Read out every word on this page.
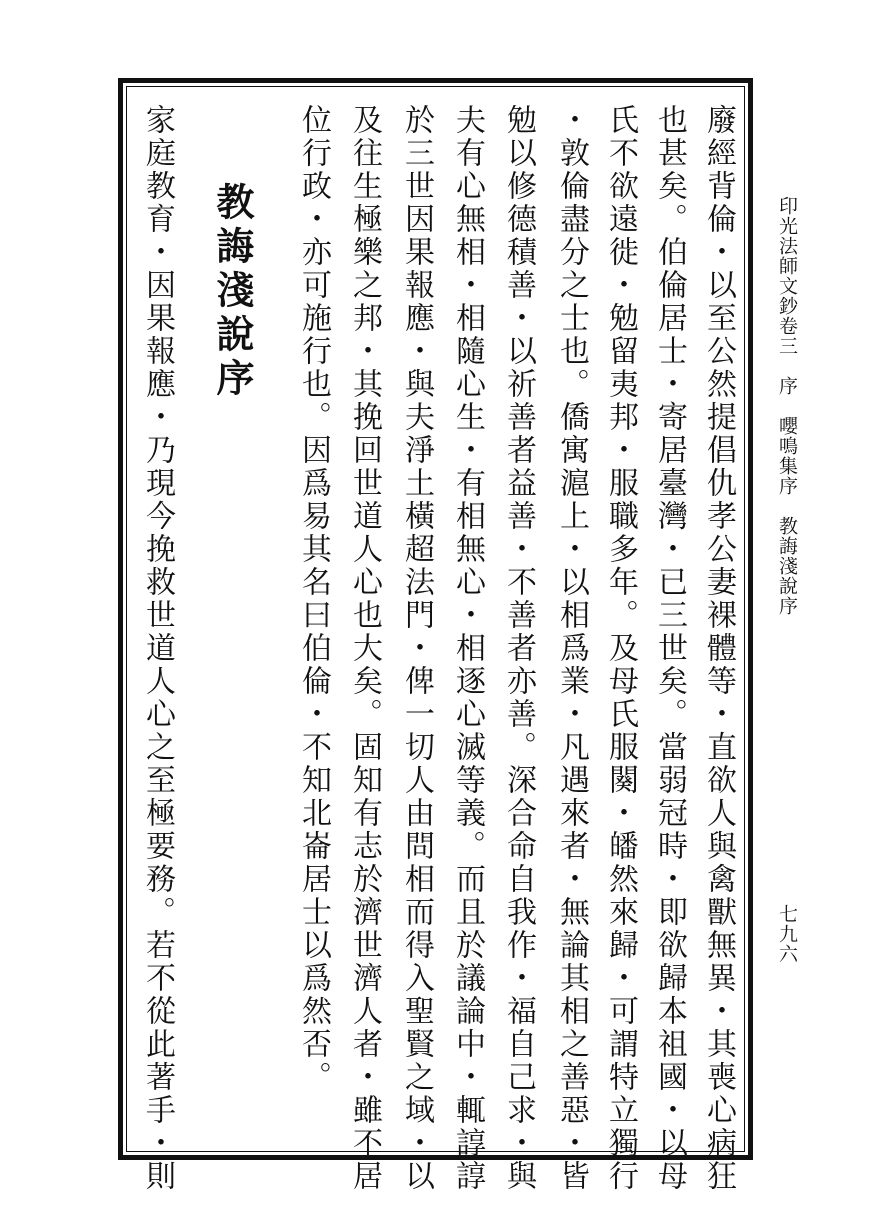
印光法師文鈔卷三　序　嚶鳴集序　教誨淺說序
七九六
廢經背倫・以至公然提倡仇孝公妻裸體等・直欲人與禽獸無異・其喪心病狂
也甚矣。伯倫居士・寄居臺灣・已三世矣。當弱冠時・即欲歸本祖國・以母
氏不欲遠徙・勉留夷邦・服職多年。及母氏服闋・皤然來歸・可謂特立獨行
・敦倫盡分之士也。僑寓滬上・以相爲業・凡遇來者・無論其相之善惡・皆
勉以修德積善・以祈善者益善・不善者亦善。深合命自我作・福自己求・與
夫有心無相・相隨心生・有相無心・相逐心滅等義。而且於議論中・輒諄諄
於三世因果報應・與夫淨土橫超法門・俾一切人由問相而得入聖賢之域・以
及往生極樂之邦・其挽回世道人心也大矣。固知有志於濟世濟人者・雖不居
位行政・亦可施行也。因爲易其名曰伯倫・不知北崙居士以爲然否。
教誨淺說序
家庭教育・因果報應・乃現今挽救世道人心之至極要務。若不從此著手・則
